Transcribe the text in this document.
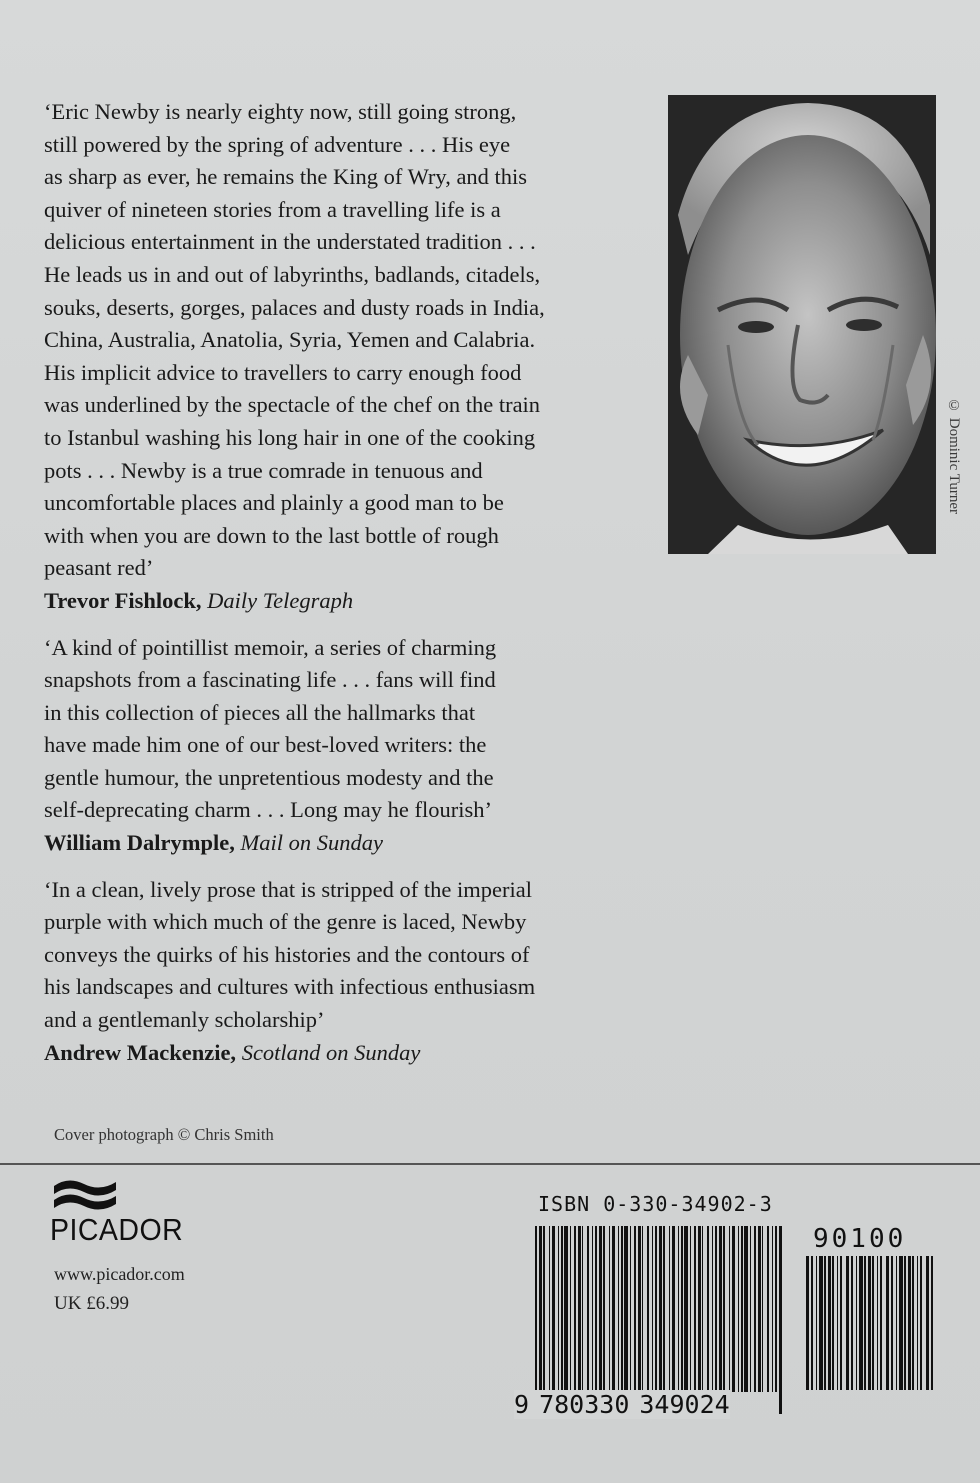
‘Eric Newby is nearly eighty now, still going strong,
still powered by the spring of adventure . . . His eye
as sharp as ever, he remains the King of Wry, and this
quiver of nineteen stories from a travelling life is a
delicious entertainment in the understated tradition . . .
He leads us in and out of labyrinths, badlands, citadels,
souks, deserts, gorges, palaces and dusty roads in India,
China, Australia, Anatolia, Syria, Yemen and Calabria.
His implicit advice to travellers to carry enough food
was underlined by the spectacle of the chef on the train
to Istanbul washing his long hair in one of the cooking
pots . . . Newby is a true comrade in tenuous and
uncomfortable places and plainly a good man to be
with when you are down to the last bottle of rough
peasant red’

Trevor Fishlock, Daily Telegraph

‘A kind of pointillist memoir, a series of charming
snapshots from a fascinating life . . . fans will find
in this collection of pieces all the hallmarks that
have made him one of our best-loved writers: the
gentle humour, the unpretentious modesty and the
self-deprecating charm . . . Long may he flourish’

William Dalrymple, Mail on Sunday

‘In a clean, lively prose that is stripped of the imperial
purple with which much of the genre is laced, Newby
conveys the quirks of his histories and the contours of
his landscapes and cultures with infectious enthusiasm
and a gentlemanly scholarship’

Andrew Mackenzie, Scotland on Sunday
© Dominic Turner
Cover photograph © Chris Smith
PICADOR
www.picador.com
UK £6.99
ISBN 0-330-34902-3
90100
9 780330 349024
